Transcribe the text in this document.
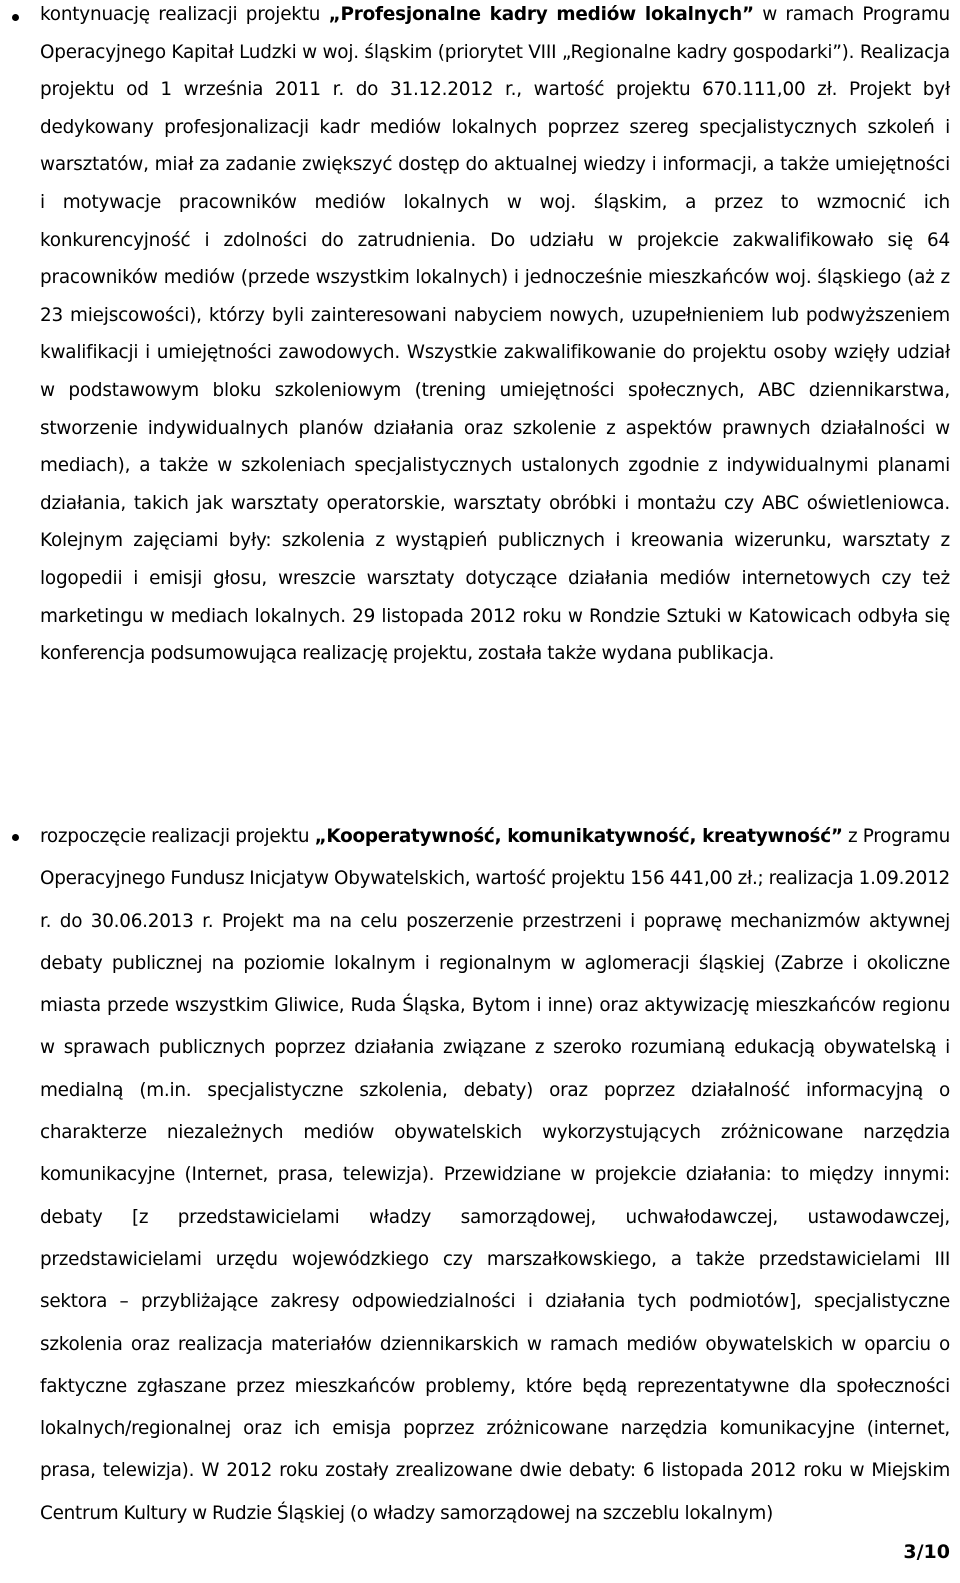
kontynuację realizacji projektu „Profesjonalne kadry mediów lokalnych” w ramach Programu Operacyjnego Kapitał Ludzki w woj. śląskim (priorytet VIII „Regionalne kadry gospodarki”). Realizacja projektu od 1 września 2011 r. do 31.12.2012 r., wartość projektu 670.111,00 zł. Projekt był dedykowany profesjonalizacji kadr mediów lokalnych poprzez szereg specjalistycznych szkoleń i warsztatów, miał za zadanie zwiększyć dostęp do aktualnej wiedzy i informacji, a także umiejętności i motywacje pracowników mediów lokalnych w woj. śląskim, a przez to wzmocnić ich konkurencyjność i zdolności do zatrudnienia. Do udziału w projekcie zakwalifikowało się 64 pracowników mediów (przede wszystkim lokalnych) i jednocześnie mieszkańców woj. śląskiego (aż z 23 miejscowości), którzy byli zainteresowani nabyciem nowych, uzupełnieniem lub podwyższeniem kwalifikacji i umiejętności zawodowych. Wszystkie zakwalifikowanie do projektu osoby wzięły udział w podstawowym bloku szkoleniowym (trening umiejętności społecznych, ABC dziennikarstwa, stworzenie indywidualnych planów działania oraz szkolenie z aspektów prawnych działalności w mediach), a także w szkoleniach specjalistycznych ustalonych zgodnie z indywidualnymi planami działania, takich jak warsztaty operatorskie, warsztaty obróbki i montażu czy ABC oświetleniowca. Kolejnym zajęciami były: szkolenia z wystąpień publicznych i kreowania wizerunku, warsztaty z logopedii i emisji głosu, wreszcie warsztaty dotyczące działania mediów internetowych czy też marketingu w mediach lokalnych. 29 listopada 2012 roku w Rondzie Sztuki w Katowicach odbyła się konferencja podsumowująca realizację projektu, została także wydana publikacja.

rozpoczęcie realizacji projektu „Kooperatywność, komunikatywność, kreatywność” z Programu Operacyjnego Fundusz Inicjatyw Obywatelskich, wartość projektu 156 441,00 zł.; realizacja 1.09.2012 r. do 30.06.2013 r. Projekt ma na celu poszerzenie przestrzeni i poprawę mechanizmów aktywnej debaty publicznej na poziomie lokalnym i regionalnym w aglomeracji śląskiej (Zabrze i okoliczne miasta przede wszystkim Gliwice, Ruda Śląska, Bytom i inne) oraz aktywizację mieszkańców regionu w sprawach publicznych poprzez działania związane z szeroko rozumianą edukacją obywatelską i medialną (m.in. specjalistyczne szkolenia, debaty) oraz poprzez działalność informacyjną o charakterze niezależnych mediów obywatelskich wykorzystujących zróżnicowane narzędzia komunikacyjne (Internet, prasa, telewizja). Przewidziane w projekcie działania: to między innymi: debaty [z przedstawicielami władzy samorządowej, uchwałodawczej, ustawodawczej, przedstawicielami urzędu wojewódzkiego czy marszałkowskiego, a także przedstawicielami III sektora – przybliżające zakresy odpowiedzialności i działania tych podmiotów], specjalistyczne szkolenia oraz realizacja materiałów dziennikarskich w ramach mediów obywatelskich w oparciu o faktyczne zgłaszane przez mieszkańców problemy, które będą reprezentatywne dla społeczności lokalnych/regionalnej oraz ich emisja poprzez zróżnicowane narzędzia komunikacyjne (internet, prasa, telewizja). W 2012 roku zostały zrealizowane dwie debaty: 6 listopada 2012 roku w Miejskim Centrum Kultury w Rudzie Śląskiej (o władzy samorządowej na szczeblu lokalnym)

3/10
